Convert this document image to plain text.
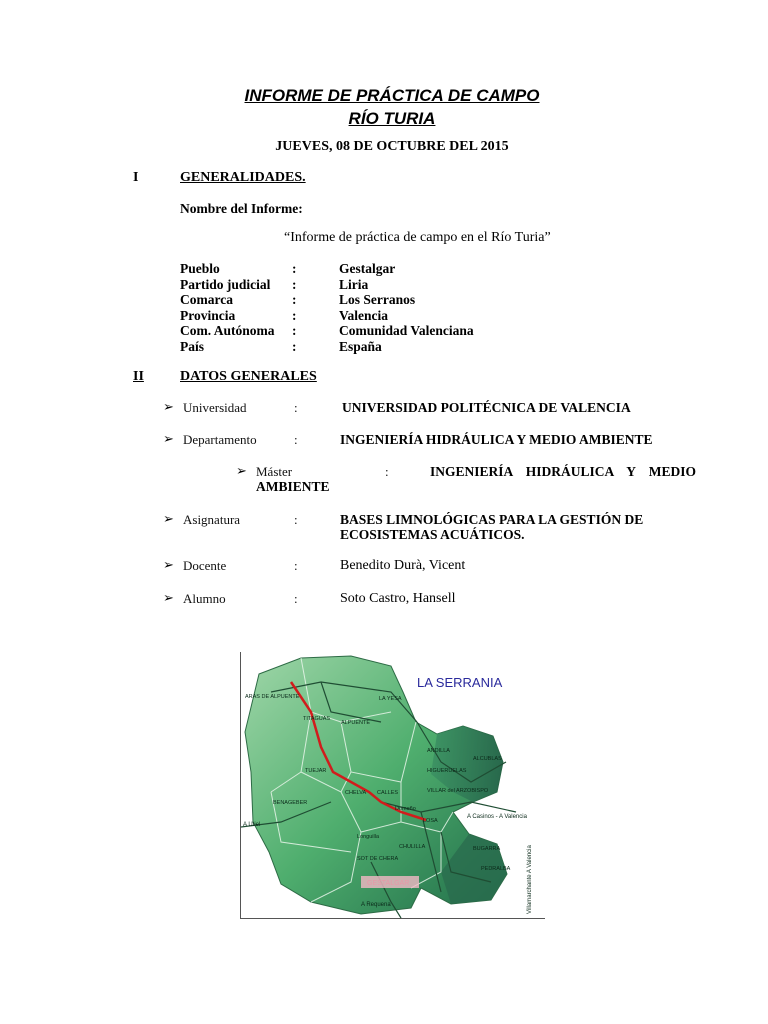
INFORME DE PRÁCTICA DE CAMPO
RÍO TURIA
JUEVES, 08 DE OCTUBRE DEL 2015
I	GENERALIDADES.
Nombre del Informe:
“Informe de práctica de campo en el Río Turia”
Pueblo	:	Gestalgar
Partido judicial :	Liria
Comarca	:	Los Serranos
Provincia	:	Valencia
Com. Autónoma :	Comunidad Valenciana
País	:	España
II	DATOS GENERALES
➢ Universidad	:	UNIVERSIDAD POLITÉCNICA DE VALENCIA
➢ Departamento	:	INGENIERÍA HIDRÁULICA Y MEDIO AMBIENTE
➢ Máster	:	INGENIERÍA HIDRÁULICA Y MEDIO
AMBIENTE
➢ Asignatura	:	BASES LIMNOLÓGICAS PARA LA GESTIÓN DE
ECOSISTEMAS ACUÁTICOS.
➢ Docente	:	Benedito Durà, Vicent
➢ Alumno	:	Soto Castro, Hansell
LA SERRANIA
ARAS DE ALPUENTE	LA YESA
TITAGUAS
ALPUENTE
ANDILLA
ALCUBLAS
HIGUERUELAS
TUEJAR
VILLAR del ARZOBISPO
CHELVA CALLES
BENAGEBER
Domeño
LOSA
Longuilla
CHULILLA
SOT DE CHERA
BUGARRA
PEDRALBA
A Utiel
A Casinos - A Valencia
A Requena	Villamarchante A Valencia
